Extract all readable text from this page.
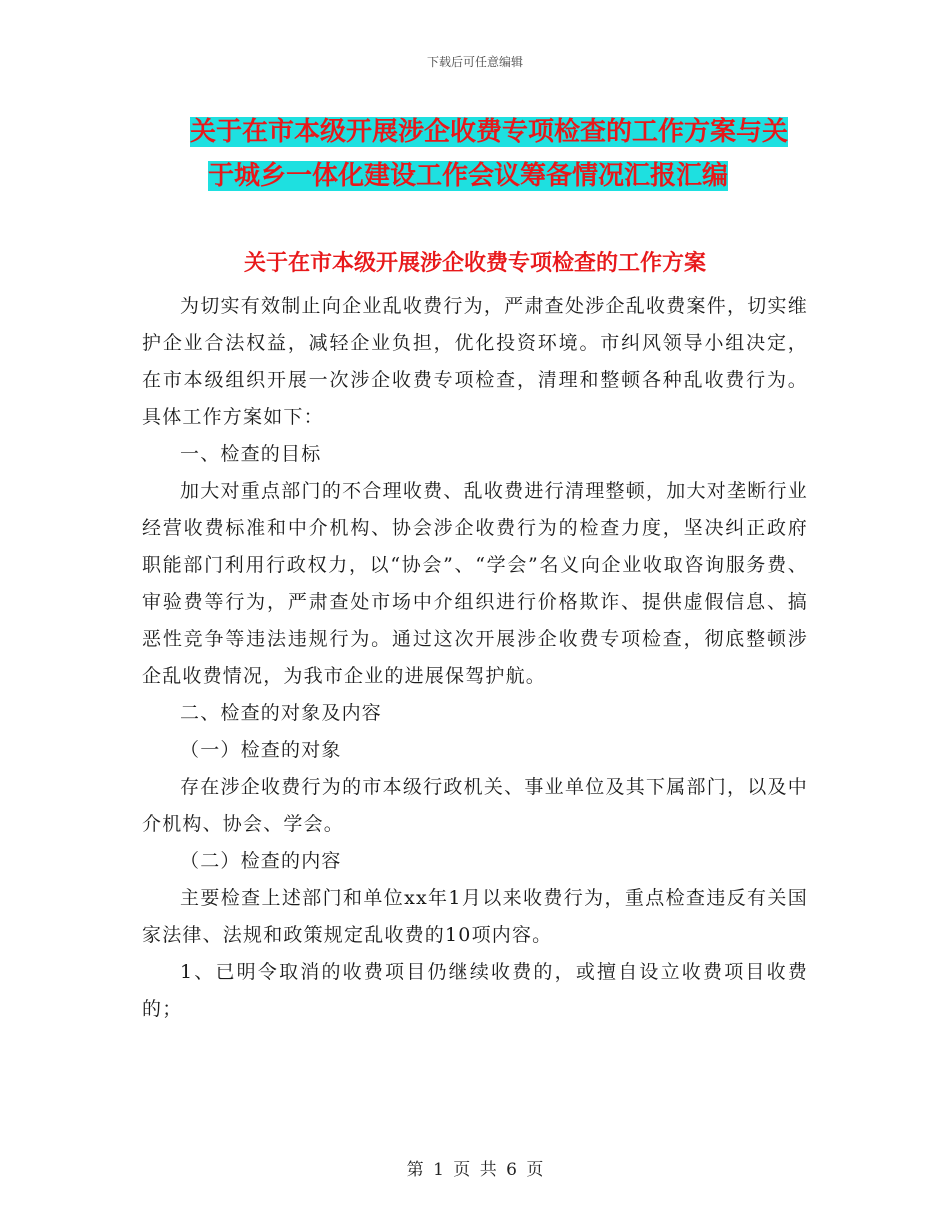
下载后可任意编辑
关于在市本级开展涉企收费专项检查的工作方案与关
于城乡一体化建设工作会议筹备情况汇报汇编
关于在市本级开展涉企收费专项检查的工作方案

为切实有效制止向企业乱收费行为，严肃查处涉企乱收费案件，切实维护企业合法权益，减轻企业负担，优化投资环境。市纠风领导小组决定，在市本级组织开展一次涉企收费专项检查，清理和整顿各种乱收费行为。具体工作方案如下：

一、检查的目标

加大对重点部门的不合理收费、乱收费进行清理整顿，加大对垄断行业经营收费标准和中介机构、协会涉企收费行为的检查力度，坚决纠正政府职能部门利用行政权力，以“协会”、“学会”名义向企业收取咨询服务费、审验费等行为，严肃查处市场中介组织进行价格欺诈、提供虚假信息、搞恶性竞争等违法违规行为。通过这次开展涉企收费专项检查，彻底整顿涉企乱收费情况，为我市企业的进展保驾护航。

二、检查的对象及内容

（一）检查的对象

存在涉企收费行为的市本级行政机关、事业单位及其下属部门，以及中介机构、协会、学会。

（二）检查的内容

主要检查上述部门和单位xx年1月以来收费行为，重点检查违反有关国家法律、法规和政策规定乱收费的10项内容。

1、已明令取消的收费项目仍继续收费的，或擅自设立收费项目收费的；

第 1 页 共 6 页
